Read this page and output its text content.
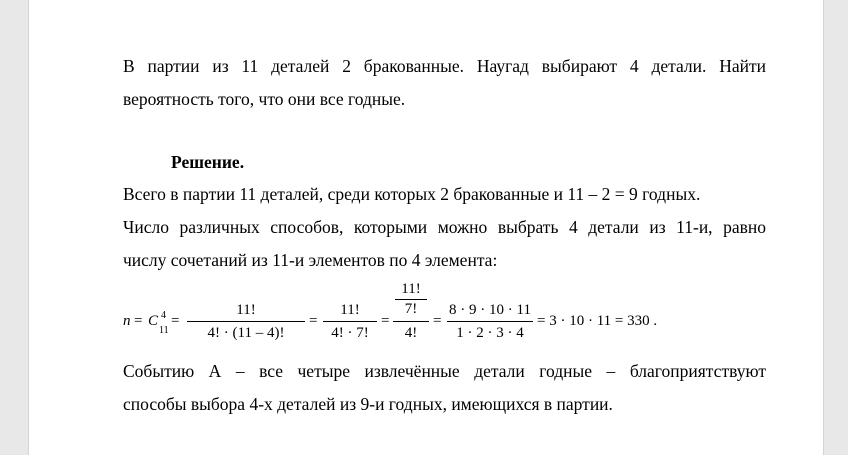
В партии из 11 деталей 2 бракованные. Наугад выбирают 4 детали. Найти

вероятность того, что они все годные.

Решение.

Всего в партии 11 деталей, среди которых 2 бракованные и 11 – 2 = 9 годных.

Число различных способов, которыми можно выбрать 4 детали из 11-и, равно

числу сочетаний из 11-и элементов по 4 элемента:

n = C 4
11
=
11!
4! · (11 – 4)!
=
11!
4! · 7!
=
11!
7!
4!
=
8 · 9 · 10 · 11
1 · 2 · 3 · 4
= 3 · 10 · 11 = 330 .

Событию А – все четыре извлечённые детали годные – благоприятствуют

способы выбора 4-х деталей из 9-и годных, имеющихся в партии.
